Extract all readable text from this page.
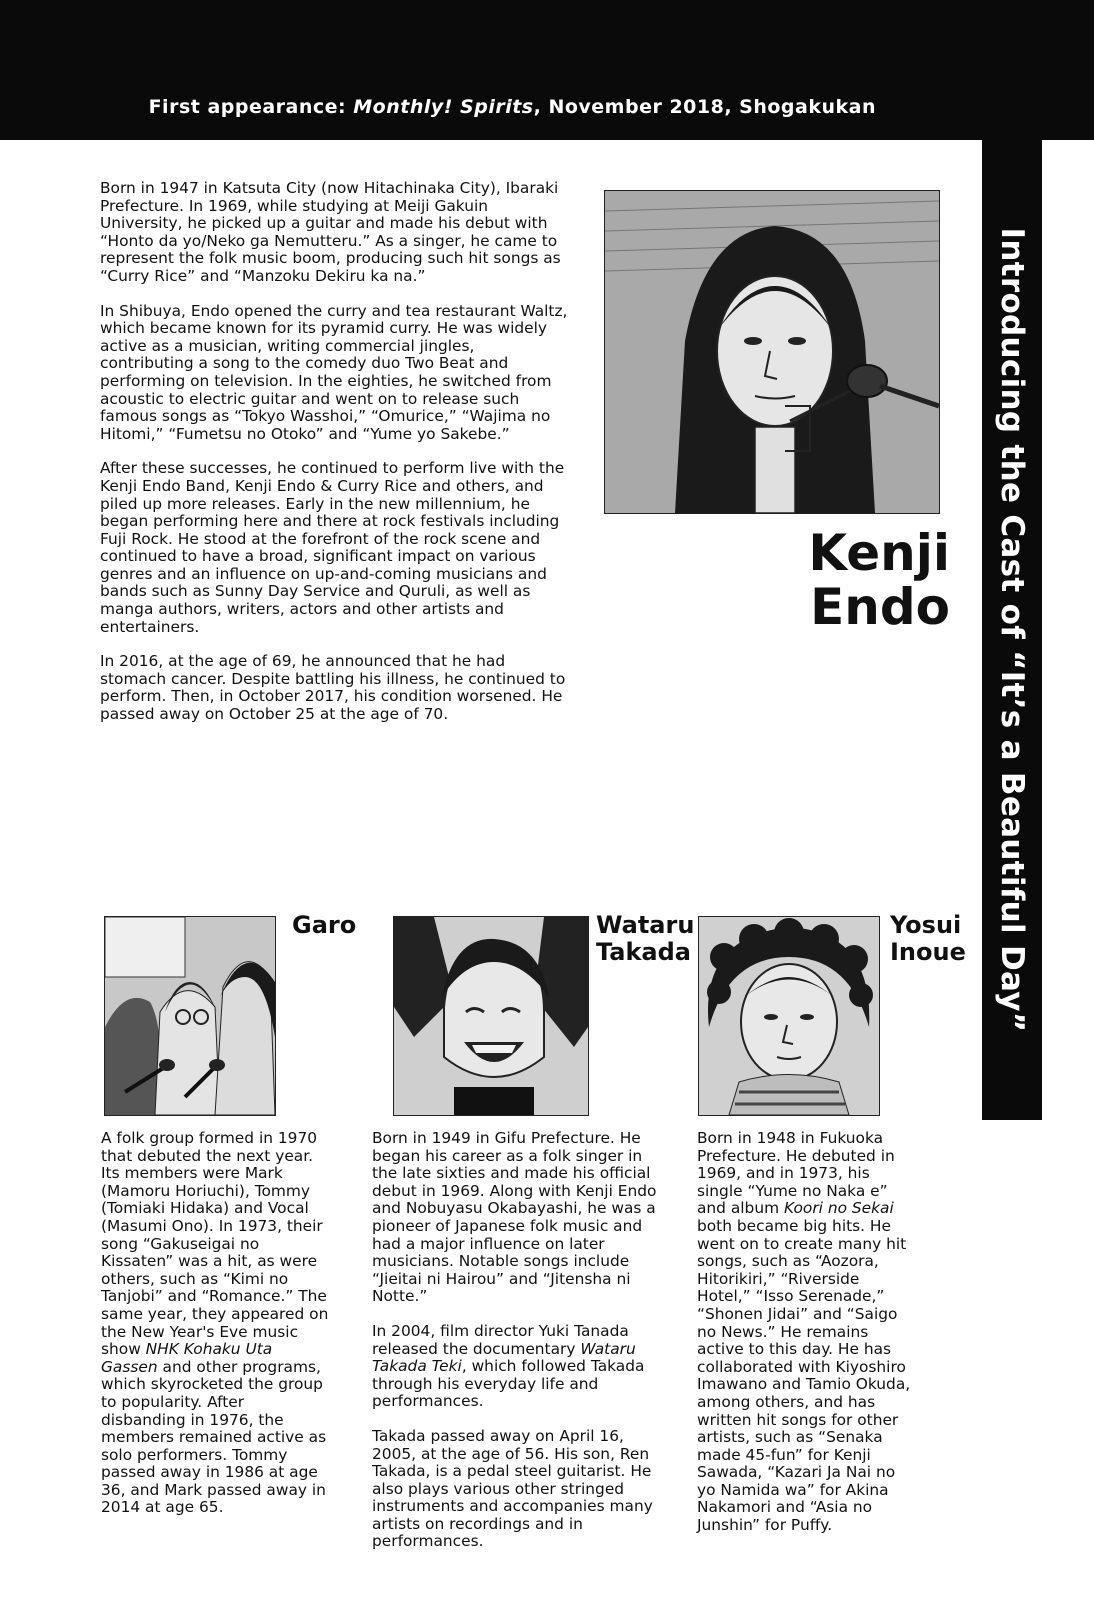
First appearance: Monthly! Spirits, November 2018, Shogakukan
Introducing the Cast of “It’s a Beautiful Day”

Born in 1947 in Katsuta City (now Hitachinaka City), Ibaraki Prefecture. In 1969, while studying at Meiji Gakuin University, he picked up a guitar and made his debut with “Honto da yo/Neko ga Nemutteru.” As a singer, he came to represent the folk music boom, producing such hit songs as “Curry Rice” and “Manzoku Dekiru ka na.”

In Shibuya, Endo opened the curry and tea restaurant Waltz, which became known for its pyramid curry. He was widely active as a musician, writing commercial jingles, contributing a song to the comedy duo Two Beat and performing on television. In the eighties, he switched from acoustic to electric guitar and went on to release such famous songs as “Tokyo Wasshoi,” “Omurice,” “Wajima no Hitomi,” “Fumetsu no Otoko” and “Yume yo Sakebe.”

After these successes, he continued to perform live with the Kenji Endo Band, Kenji Endo & Curry Rice and others, and piled up more releases. Early in the new millennium, he began performing here and there at rock festivals including Fuji Rock. He stood at the forefront of the rock scene and continued to have a broad, significant impact on various genres and an influence on up-and-coming musicians and bands such as Sunny Day Service and Quruli, as well as manga authors, writers, actors and other artists and entertainers.

In 2016, at the age of 69, he announced that he had stomach cancer. Despite battling his illness, he continued to perform. Then, in October 2017, his condition worsened. He passed away on October 25 at the age of 70.

Kenji
Endo
Garo

A folk group formed in 1970 that debuted the next year. Its members were Mark (Mamoru Horiuchi), Tommy (Tomiaki Hidaka) and Vocal (Masumi Ono). In 1973, their song “Gakuseigai no Kissaten” was a hit, as were others, such as “Kimi no Tanjobi” and “Romance.” The same year, they appeared on the New Year's Eve music show NHK Kohaku Uta Gassen and other programs, which skyrocketed the group to popularity. After disbanding in 1976, the members remained active as solo performers. Tommy passed away in 1986 at age 36, and Mark passed away in 2014 at age 65.

Wataru
Takada

Born in 1949 in Gifu Prefecture. He began his career as a folk singer in the late sixties and made his official debut in 1969. Along with Kenji Endo and Nobuyasu Okabayashi, he was a pioneer of Japanese folk music and had a major influence on later musicians. Notable songs include “Jieitai ni Hairou” and “Jitensha ni Notte.”

In 2004, film director Yuki Tanada released the documentary Wataru Takada Teki, which followed Takada through his everyday life and performances.

Takada passed away on April 16, 2005, at the age of 56. His son, Ren Takada, is a pedal steel guitarist. He also plays various other stringed instruments and accompanies many artists on recordings and in performances.

Yosui
Inoue

Born in 1948 in Fukuoka Prefecture. He debuted in 1969, and in 1973, his single “Yume no Naka e” and album Koori no Sekai both became big hits. He went on to create many hit songs, such as “Aozora, Hitorikiri,” “Riverside Hotel,” “Isso Serenade,” “Shonen Jidai” and “Saigo no News.” He remains active to this day. He has collaborated with Kiyoshiro Imawano and Tamio Okuda, among others, and has written hit songs for other artists, such as “Senaka made 45-fun” for Kenji Sawada, “Kazari Ja Nai no yo Namida wa” for Akina Nakamori and “Asia no Junshin” for Puffy.
